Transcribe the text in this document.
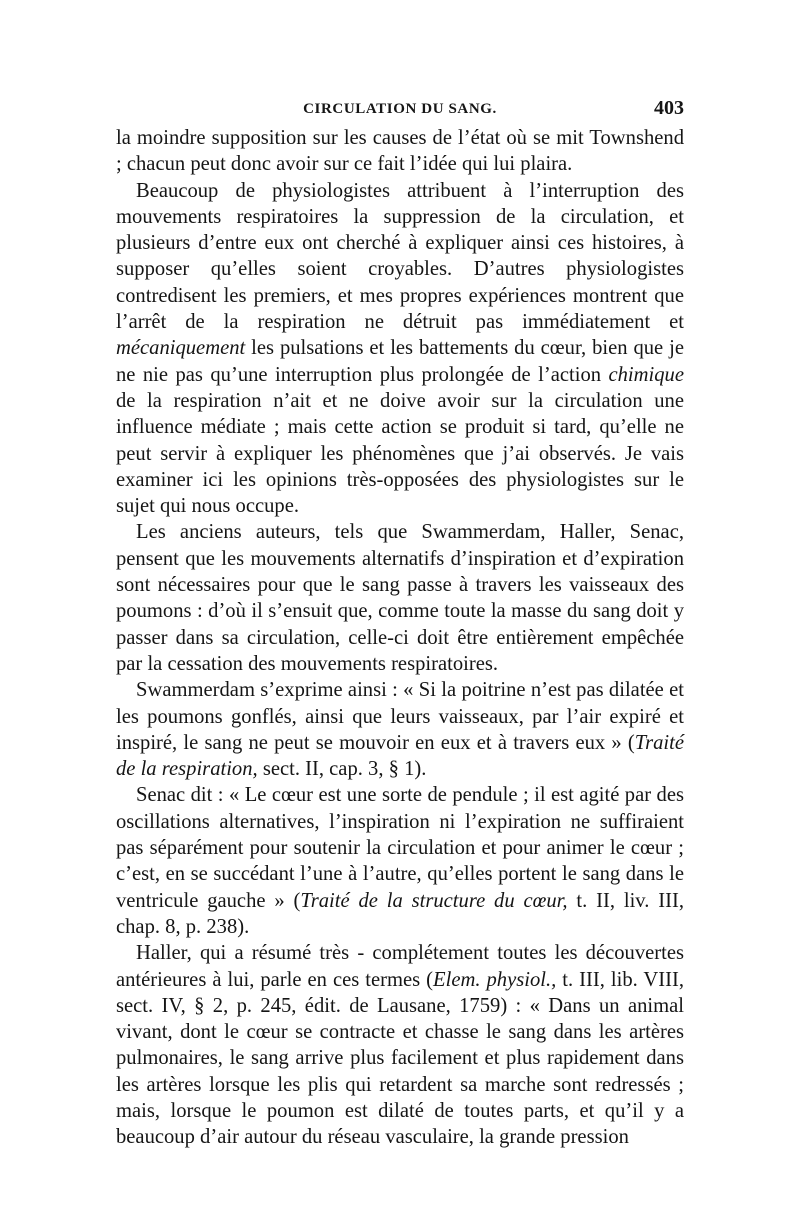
CIRCULATION DU SANG.	403

la moindre supposition sur les causes de l’état où se mit Townshend ; chacun peut donc avoir sur ce fait l’idée qui lui plaira.

Beaucoup de physiologistes attribuent à l’interruption des mouvements respiratoires la suppression de la circulation, et plusieurs d’entre eux ont cherché à expliquer ainsi ces histoires, à supposer qu’elles soient croyables. D’autres physiologistes contredisent les premiers, et mes propres expériences montrent que l’arrêt de la respiration ne détruit pas immédiatement et mécaniquement les pulsations et les battements du cœur, bien que je ne nie pas qu’une interruption plus prolongée de l’action chimique de la respiration n’ait et ne doive avoir sur la circulation une influence médiate ; mais cette action se produit si tard, qu’elle ne peut servir à expliquer les phénomènes que j’ai observés. Je vais examiner ici les opinions très-opposées des physiologistes sur le sujet qui nous occupe.

Les anciens auteurs, tels que Swammerdam, Haller, Senac, pensent que les mouvements alternatifs d’inspiration et d’expiration sont nécessaires pour que le sang passe à travers les vaisseaux des poumons : d’où il s’ensuit que, comme toute la masse du sang doit y passer dans sa circulation, celle-ci doit être entièrement empêchée par la cessation des mouvements respiratoires.

Swammerdam s’exprime ainsi : « Si la poitrine n’est pas dilatée et les poumons gonflés, ainsi que leurs vaisseaux, par l’air expiré et inspiré, le sang ne peut se mouvoir en eux et à travers eux » (Traité de la respiration, sect. II, cap. 3, § 1).

Senac dit : « Le cœur est une sorte de pendule ; il est agité par des oscillations alternatives, l’inspiration ni l’expiration ne suffiraient pas séparément pour soutenir la circulation et pour animer le cœur ; c’est, en se succédant l’une à l’autre, qu’elles portent le sang dans le ventricule gauche » (Traité de la structure du cœur, t. II, liv. III, chap. 8, p. 238).

Haller, qui a résumé très - complétement toutes les découvertes antérieures à lui, parle en ces termes (Elem. physiol., t. III, lib. VIII, sect. IV, § 2, p. 245, édit. de Lausane, 1759) : « Dans un animal vivant, dont le cœur se contracte et chasse le sang dans les artères pulmonaires, le sang arrive plus facilement et plus rapidement dans les artères lorsque les plis qui retardent sa marche sont redressés ; mais, lorsque le poumon est dilaté de toutes parts, et qu’il y a beaucoup d’air autour du réseau vasculaire, la grande pression
